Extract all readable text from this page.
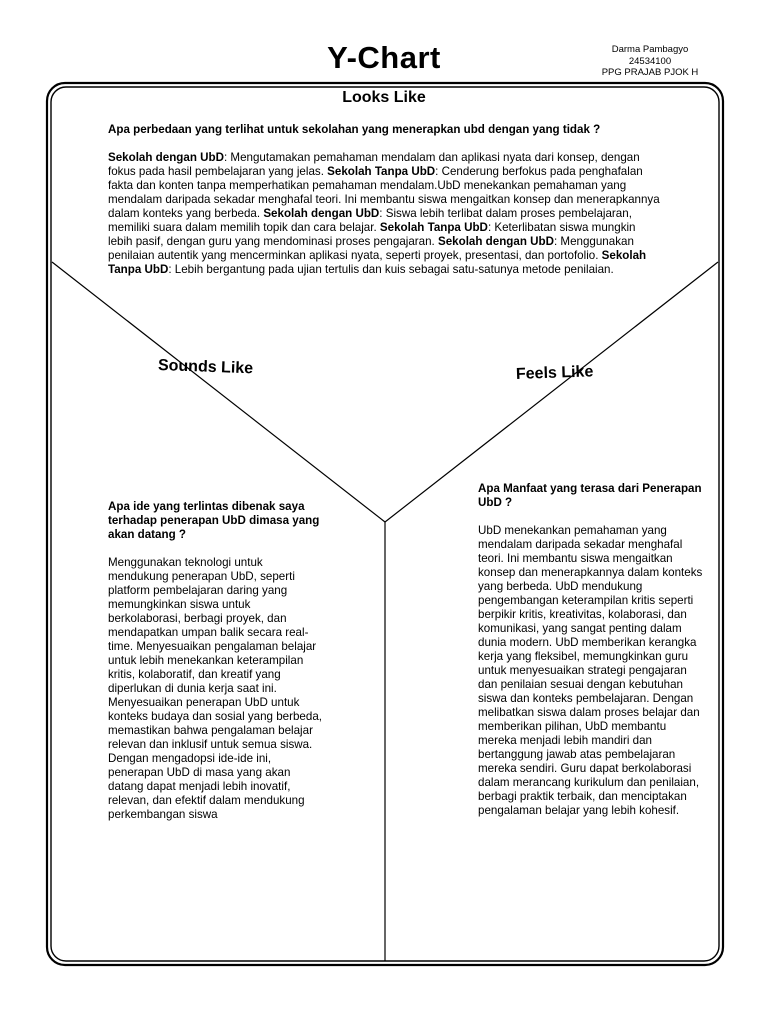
Y-Chart	Darma Pambagyo
24534100
PPG PRAJAB PJOK H
Looks Like
Apa perbedaan yang terlihat untuk sekolahan yang menerapkan ubd dengan yang tidak ?
Sekolah dengan UbD: Mengutamakan pemahaman mendalam dan aplikasi nyata dari konsep, dengan fokus pada hasil pembelajaran yang jelas. Sekolah Tanpa UbD: Cenderung berfokus pada penghafalan fakta dan konten tanpa memperhatikan pemahaman mendalam.UbD menekankan pemahaman yang mendalam daripada sekadar menghafal teori. Ini membantu siswa mengaitkan konsep dan menerapkannya dalam konteks yang berbeda. Sekolah dengan UbD: Siswa lebih terlibat dalam proses pembelajaran, memiliki suara dalam memilih topik dan cara belajar. Sekolah Tanpa UbD: Keterlibatan siswa mungkin lebih pasif, dengan guru yang mendominasi proses pengajaran. Sekolah dengan UbD: Menggunakan penilaian autentik yang mencerminkan aplikasi nyata, seperti proyek, presentasi, dan portofolio. Sekolah Tanpa UbD: Lebih bergantung pada ujian tertulis dan kuis sebagai satu-satunya metode penilaian.
Sounds Like
Apa ide yang terlintas dibenak saya terhadap penerapan UbD dimasa yang akan datang ?
Menggunakan teknologi untuk mendukung penerapan UbD, seperti platform pembelajaran daring yang memungkinkan siswa untuk berkolaborasi, berbagi proyek, dan mendapatkan umpan balik secara real-time. Menyesuaikan pengalaman belajar untuk lebih menekankan keterampilan kritis, kolaboratif, dan kreatif yang diperlukan di dunia kerja saat ini. Menyesuaikan penerapan UbD untuk konteks budaya dan sosial yang berbeda, memastikan bahwa pengalaman belajar relevan dan inklusif untuk semua siswa. Dengan mengadopsi ide-ide ini, penerapan UbD di masa yang akan datang dapat menjadi lebih inovatif, relevan, dan efektif dalam mendukung perkembangan siswa
Feels Like
Apa Manfaat yang terasa dari Penerapan UbD ?
UbD menekankan pemahaman yang mendalam daripada sekadar menghafal teori. Ini membantu siswa mengaitkan konsep dan menerapkannya dalam konteks yang berbeda. UbD mendukung pengembangan keterampilan kritis seperti berpikir kritis, kreativitas, kolaborasi, dan komunikasi, yang sangat penting dalam dunia modern. UbD memberikan kerangka kerja yang fleksibel, memungkinkan guru untuk menyesuaikan strategi pengajaran dan penilaian sesuai dengan kebutuhan siswa dan konteks pembelajaran. Dengan melibatkan siswa dalam proses belajar dan memberikan pilihan, UbD membantu mereka menjadi lebih mandiri dan bertanggung jawab atas pembelajaran mereka sendiri. Guru dapat berkolaborasi dalam merancang kurikulum dan penilaian, berbagi praktik terbaik, dan menciptakan pengalaman belajar yang lebih kohesif.
